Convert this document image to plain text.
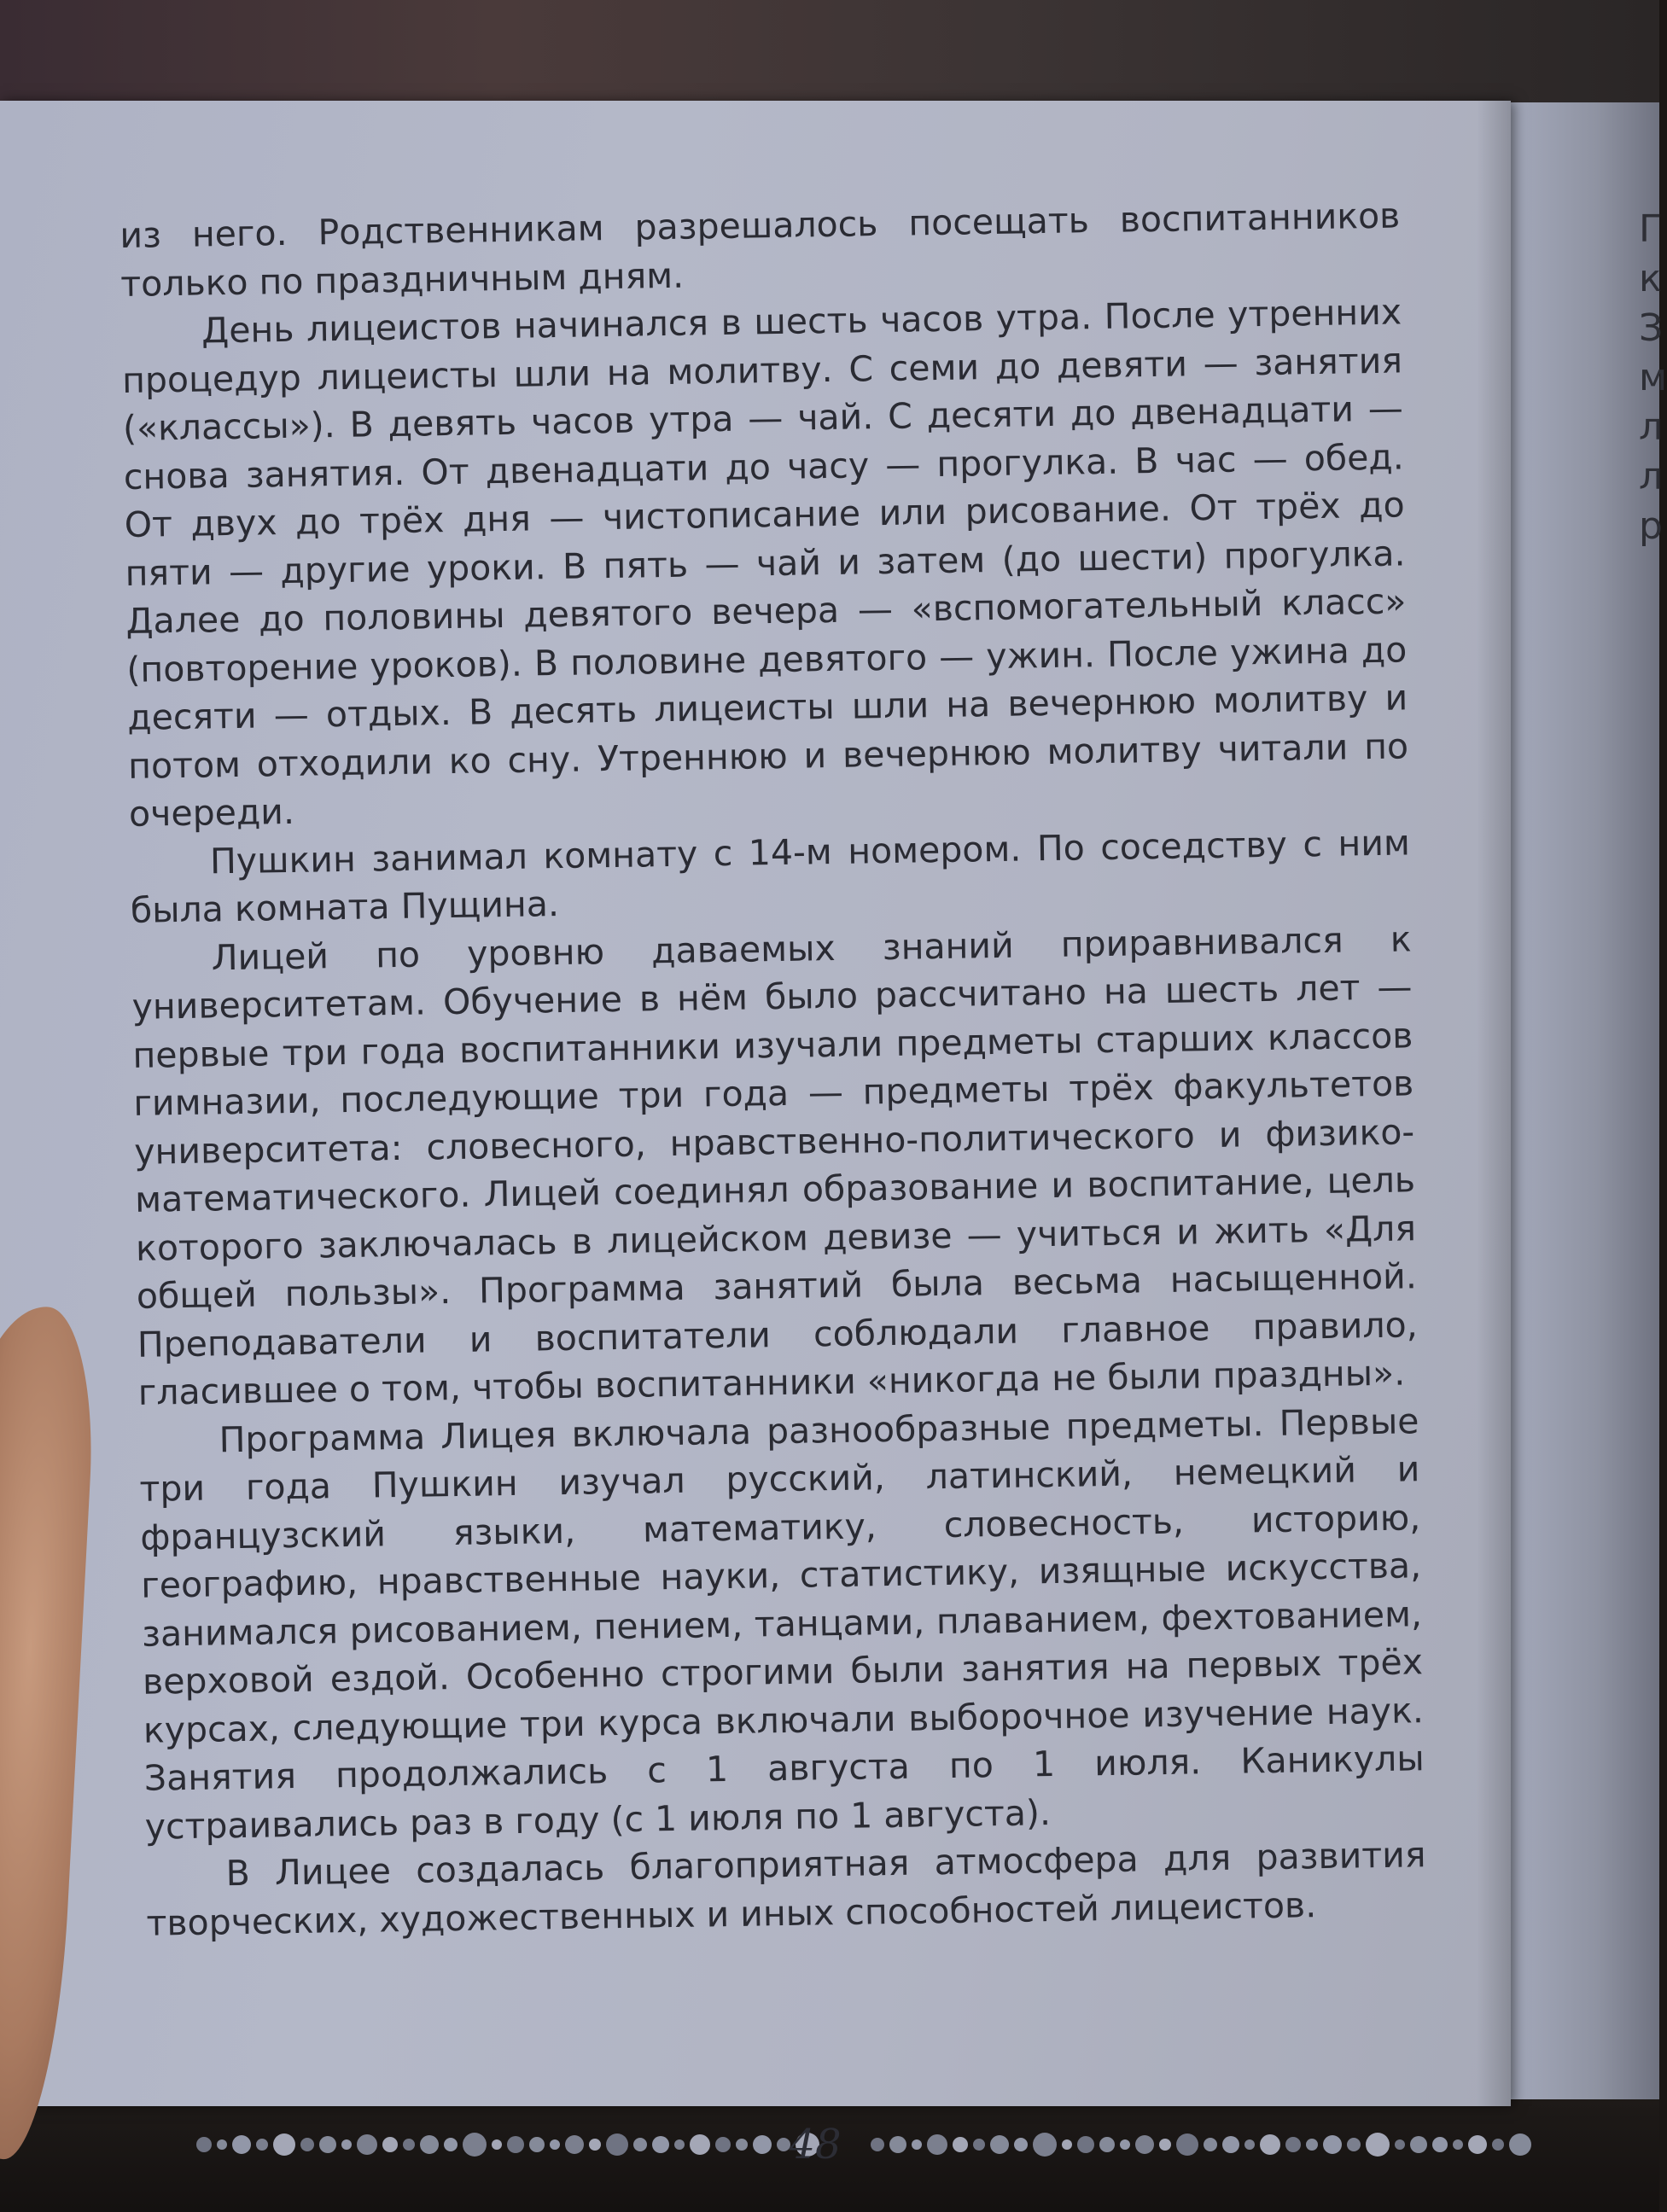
Г
к
З
м
л
л
р

из него. Родственникам разрешалось посещать воспитанников только по праздничным дням.

День лицеистов начинался в шесть часов утра. После утренних процедур лицеисты шли на молитву. С семи до девяти — занятия («классы»). В девять часов утра — чай. С десяти до двенадцати — снова занятия. От двенадцати до часу — прогулка. В час — обед. От двух до трёх дня — чистописание или рисование. От трёх до пяти — другие уроки. В пять — чай и затем (до шести) прогулка. Далее до половины девятого вечера — «вспомогательный класс» (повторение уроков). В половине девятого — ужин. После ужина до десяти — отдых. В десять лицеисты шли на вечернюю молитву и потом отходили ко сну. Утреннюю и вечернюю молитву читали по очереди.

Пушкин занимал комнату с 14-м номером. По соседству с ним была комната Пущина.

Лицей по уровню даваемых знаний приравнивался к университетам. Обучение в нём было рассчитано на шесть лет — первые три года воспитанники изучали предметы старших классов гимназии, последующие три года — предметы трёх факультетов университета: словесного, нравственно-политического и физико-математического. Лицей соединял образование и воспитание, цель которого заключалась в лицейском девизе — учиться и жить «Для общей пользы». Программа занятий была весьма насыщенной. Преподаватели и воспитатели соблюдали главное правило, гласившее о том, чтобы воспитанники «никогда не были праздны».

Программа Лицея включала разнообразные предметы. Первые три года Пушкин изучал русский, латинский, немецкий и французский языки, математику, словесность, историю, географию, нравственные науки, статистику, изящные искусства, занимался рисованием, пением, танцами, плаванием, фехтованием, верховой ездой. Особенно строгими были занятия на первых трёх курсах, следующие три курса включали выборочное изучение наук. Занятия продолжались с 1 августа по 1 июля. Каникулы устраивались раз в году (с 1 июля по 1 августа).

В Лицее создалась благоприятная атмосфера для развития творческих, художественных и иных способностей лицеистов.

48
